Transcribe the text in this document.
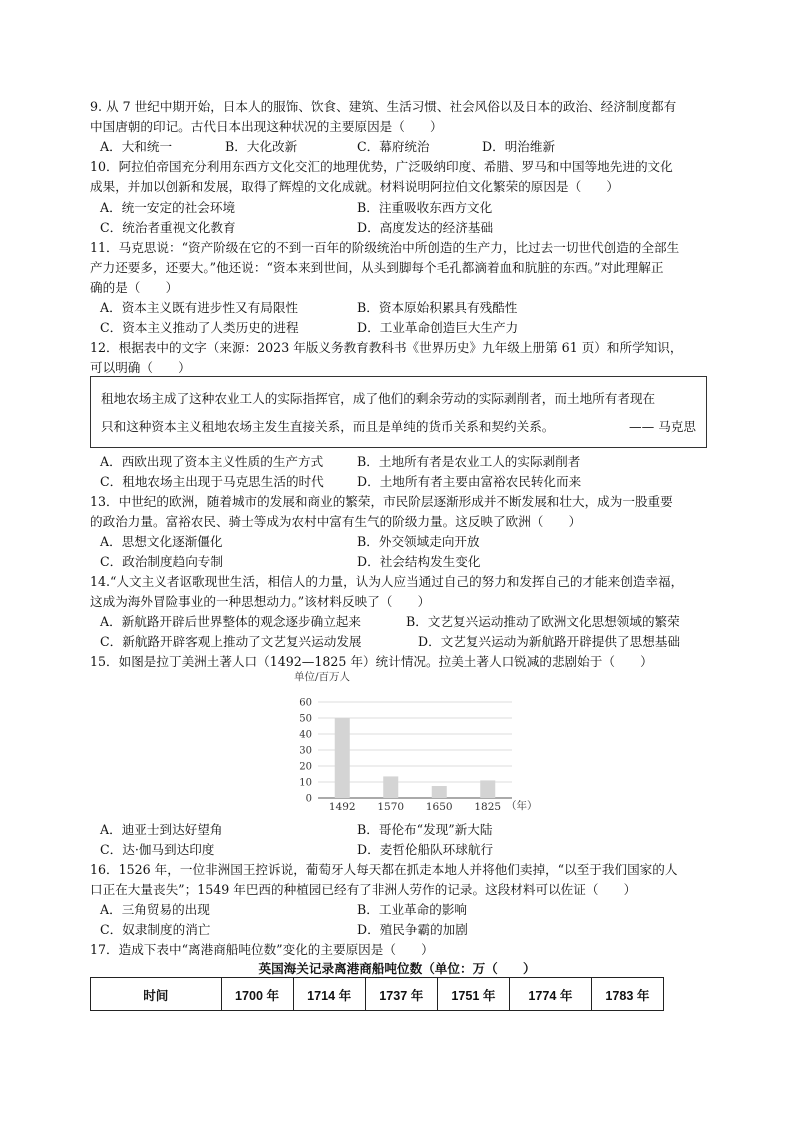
9. 从 7 世纪中期开始，日本人的服饰、饮食、建筑、生活习惯、社会风俗以及日本的政治、经济制度都有
中国唐朝的印记。古代日本出现这种状况的主要原因是（　　）
A．大和统一	B．大化改新	C．幕府统治	D．明治维新
10．阿拉伯帝国充分利用东西方文化交汇的地理优势，广泛吸纳印度、希腊、罗马和中国等地先进的文化
成果，并加以创新和发展，取得了辉煌的文化成就。材料说明阿拉伯文化繁荣的原因是（　　）
A．统一安定的社会环境	B．注重吸收东西方文化
C．统治者重视文化教育	D．高度发达的经济基础
11．马克思说：“资产阶级在它的不到一百年的阶级统治中所创造的生产力，比过去一切世代创造的全部生
产力还要多，还要大。”他还说：“资本来到世间，从头到脚每个毛孔都滴着血和肮脏的东西。”对此理解正
确的是（　　）
A．资本主义既有进步性又有局限性	B．资本原始积累具有残酷性
C．资本主义推动了人类历史的进程	D．工业革命创造巨大生产力
12．根据表中的文字（来源：2023 年版义务教育教科书《世界历史》九年级上册第 61 页）和所学知识，
可以明确（　　）
租地农场主成了这种农业工人的实际指挥官，成了他们的剩余劳动的实际剥削者，而土地所有者现在
只和这种资本主义租地农场主发生直接关系，而且是单纯的货币关系和契约关系。	—— 马克思
A．西欧出现了资本主义性质的生产方式	B．土地所有者是农业工人的实际剥削者
C．租地农场主出现于马克思生活的时代	D．土地所有者主要由富裕农民转化而来
13．中世纪的欧洲，随着城市的发展和商业的繁荣，市民阶层逐渐形成并不断发展和壮大，成为一股重要
的政治力量。富裕农民、骑士等成为农村中富有生气的阶级力量。这反映了欧洲（　　）
A．思想文化逐渐僵化	B．外交领域走向开放
C．政治制度趋向专制	D．社会结构发生变化
14.“人文主义者讴歌现世生活，相信人的力量，认为人应当通过自己的努力和发挥自己的才能来创造幸福，
这成为海外冒险事业的一种思想动力。”该材料反映了（　　）
A．新航路开辟后世界整体的观念逐步确立起来	B．文艺复兴运动推动了欧洲文化思想领域的繁荣
C．新航路开辟客观上推动了文艺复兴运动发展	D．文艺复兴运动为新航路开辟提供了思想基础
15．如图是拉丁美洲土著人口（1492—1825 年）统计情况。拉美土著人口锐减的悲剧始于（　　）
单位/百万人
0
10
20
30
40
50
60
1492 1570 1650 1825 （年）
A．迪亚士到达好望角	B．哥伦布“发现”新大陆
C．达·伽马到达印度	D．麦哲伦船队环球航行
16．1526 年，一位非洲国王控诉说，葡萄牙人每天都在抓走本地人并将他们卖掉，“以至于我们国家的人
口正在大量丧失”；1549 年巴西的种植园已经有了非洲人劳作的记录。这段材料可以佐证（　　）
A．三角贸易的出现	B．工业革命的影响
C．奴隶制度的消亡	D．殖民争霸的加剧
17．造成下表中“离港商船吨位数”变化的主要原因是（　　）
英国海关记录离港商船吨位数（单位：万（　　）
时间	1700 年	1714 年	1737 年	1751 年	1774 年	1783 年
